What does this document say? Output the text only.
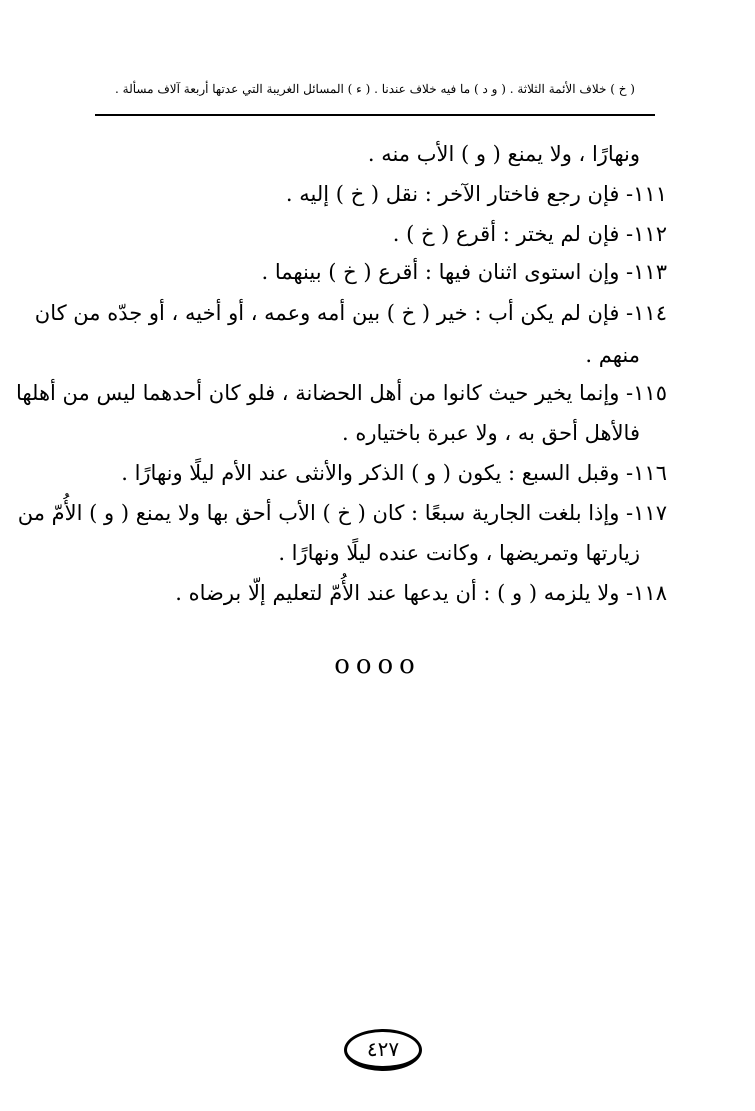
( خ ) خلاف الأئمة الثلاثة . ( و د ) ما فيه خلاف عندنا . ( ء ) المسائل الغريبة التي عدتها أربعة آلاف مسألة .
ونهارًا ، ولا يمنع ( و ) الأب منه .
١١١- فإن رجع فاختار الآخر : نقل ( خ ) إليه .
١١٢- فإن لم يختر : أقرع ( خ ) .
١١٣- وإن استوى اثنان فيها : أقرع ( خ ) بينهما .
١١٤- فإن لم يكن أب : خير ( خ ) بين أمه وعمه ، أو أخيه ، أو جدّه من كان
منهم .
١١٥- وإنما يخير حيث كانوا من أهل الحضانة ، فلو كان أحدهما ليس من أهلها
فالأهل أحق به ، ولا عبرة باختياره .
١١٦- وقبل السبع : يكون ( و ) الذكر والأنثى عند الأم ليلًا ونهارًا .
١١٧- وإذا بلغت الجارية سبعًا : كان ( خ ) الأب أحق بها ولا يمنع ( و ) الأُمّ من
زيارتها وتمريضها ، وكانت عنده ليلًا ونهارًا .
١١٨- ولا يلزمه ( و ) : أن يدعها عند الأُمّ لتعليم إلّا برضاه .
oooo
٤٢٧
